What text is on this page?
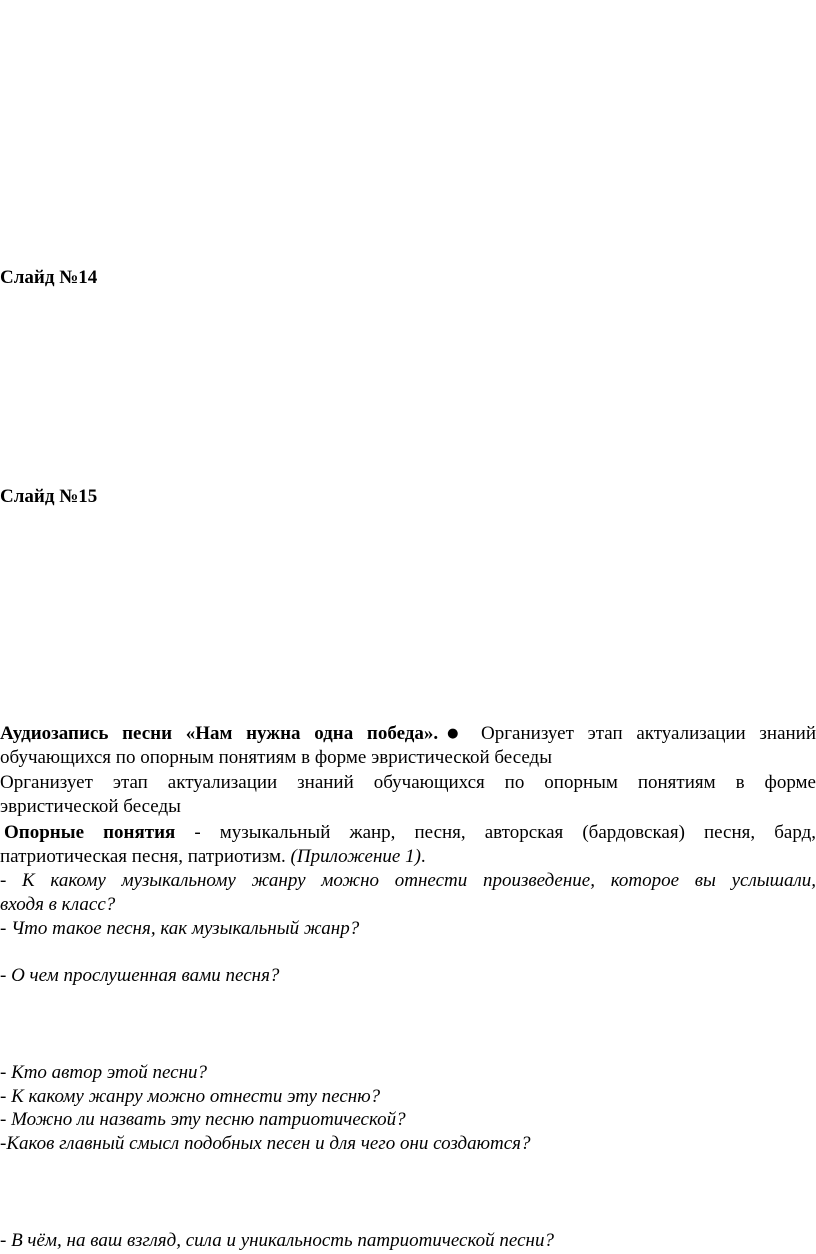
Слайд №14
Слайд №15
Аудиозапись песни «Нам нужна одна победа».● Организует этап актуализации знаний
обучающихся по опорным понятиям в форме эвристической беседы
Организует этап актуализации знаний обучающихся по опорным понятиям в форме
эвристической беседы
Опорные понятия - музыкальный жанр, песня, авторская (бардовская) песня, бард,
патриотическая песня, патриотизм. (Приложение 1).
- К какому музыкальному жанру можно отнести произведение, которое вы услышали,
входя в класс?
- Что такое песня, как музыкальный жанр?
- О чем прослушенная вами песня?
- Кто автор этой песни?
- К какому жанру можно отнести эту песню?
- Можно ли назвать эту песню патриотической?
-Каков главный смысл подобных песен и для чего они создаются?
- В чём, на ваш взгляд, сила и уникальность патриотической песни?
